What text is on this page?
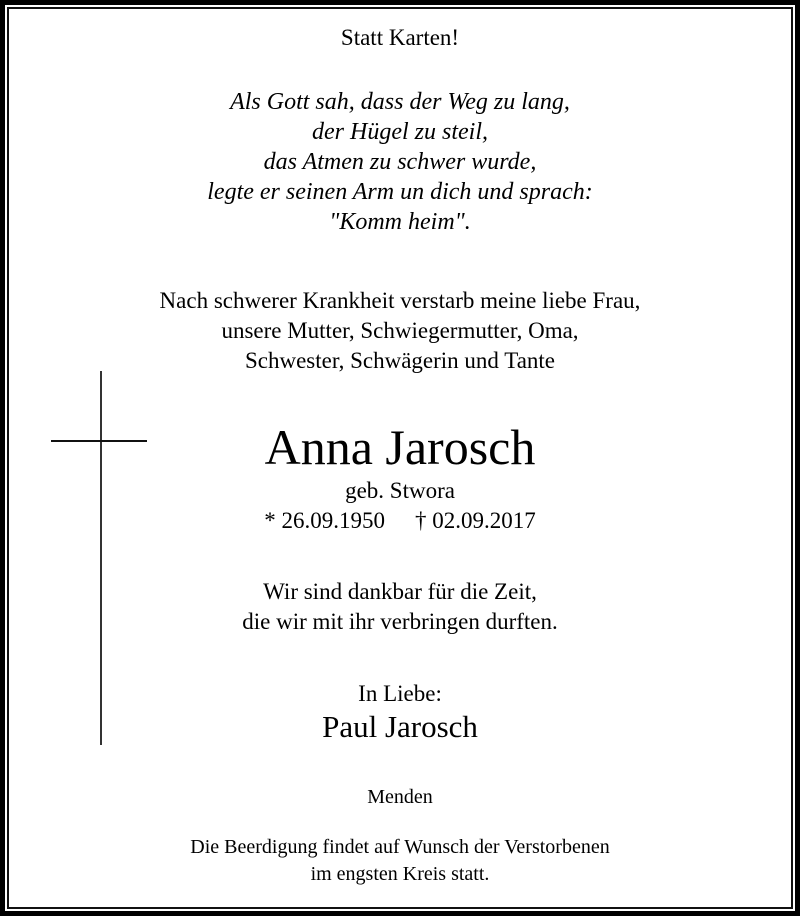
Statt Karten!
Als Gott sah, dass der Weg zu lang,
der Hügel zu steil,
das Atmen zu schwer wurde,
legte er seinen Arm un dich und sprach:
"Komm heim".
Nach schwerer Krankheit verstarb meine liebe Frau,
unsere Mutter, Schwiegermutter, Oma,
Schwester, Schwägerin und Tante
Anna Jarosch
geb. Stwora
* 26.09.1950 † 02.09.2017
Wir sind dankbar für die Zeit,
die wir mit ihr verbringen durften.
In Liebe:
Paul Jarosch
Menden
Die Beerdigung findet auf Wunsch der Verstorbenen
im engsten Kreis statt.
